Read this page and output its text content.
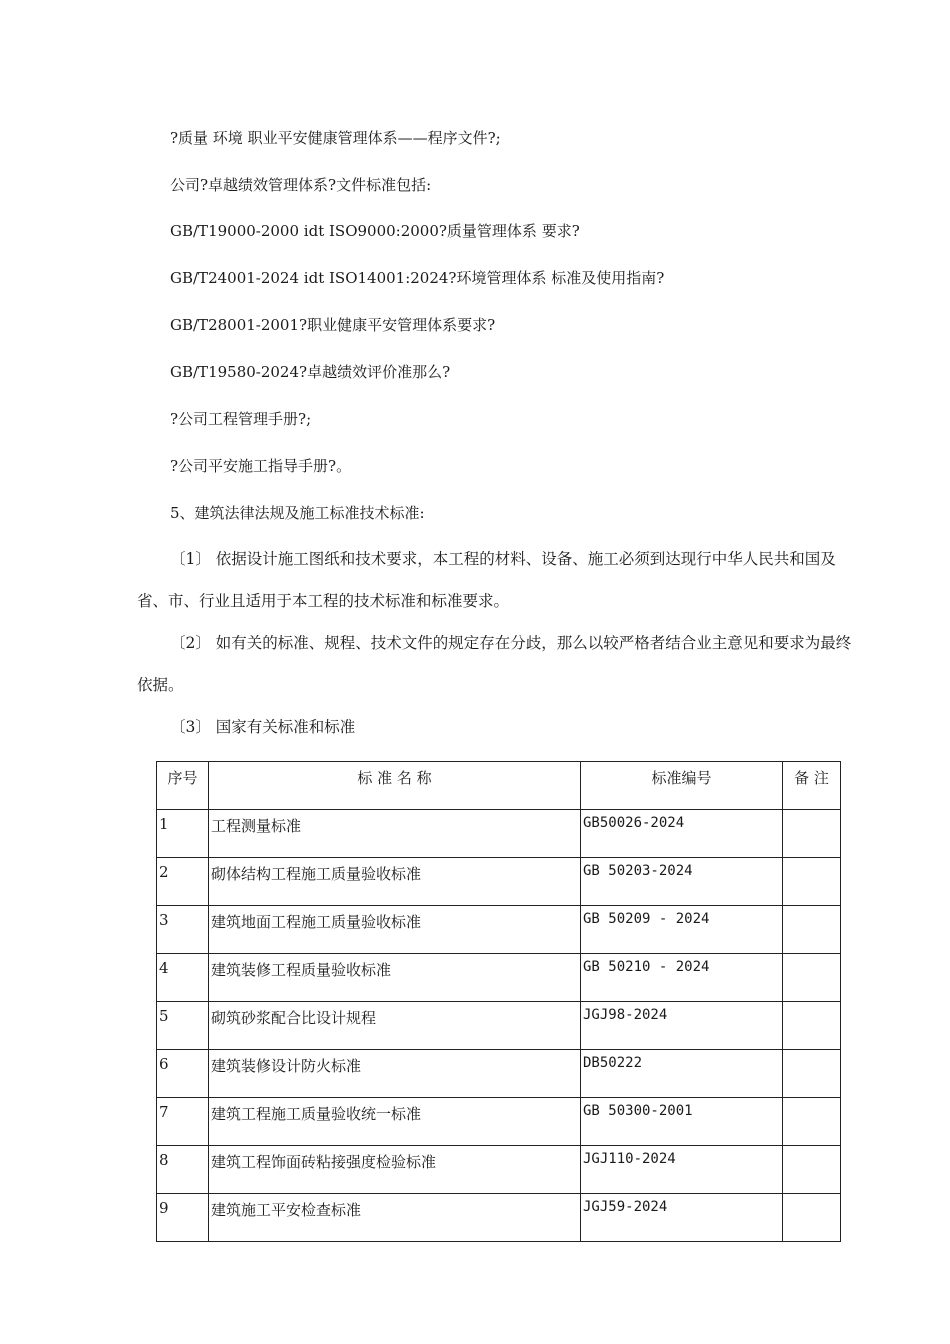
?质量 环境 职业平安健康管理体系——程序文件?;
公司?卓越绩效管理体系?文件标准包括:
GB/T19000-2000 idt ISO9000:2000?质量管理体系 要求?
GB/T24001-2024 idt ISO14001:2024?环境管理体系 标准及使用指南?
GB/T28001-2001?职业健康平安管理体系要求?
GB/T19580-2024?卓越绩效评价准那么?
?公司工程管理手册?;
?公司平安施工指导手册?。
5、建筑法律法规及施工标准技术标准:
〔1〕 依据设计施工图纸和技术要求，本工程的材料、设备、施工必须到达现行中华人民共和国及省、市、行业且适用于本工程的技术标准和标准要求。
〔2〕 如有关的标准、规程、技术文件的规定存在分歧，那么以较严格者结合业主意见和要求为最终依据。
〔3〕 国家有关标准和标准
序号	标 准 名 称	标准编号	备 注
1	工程测量标准	GB50026-2024	
2	砌体结构工程施工质量验收标准	GB 50203-2024	
3	建筑地面工程施工质量验收标准	GB 50209 - 2024	
4	建筑装修工程质量验收标准	GB 50210 - 2024	
5	砌筑砂浆配合比设计规程	JGJ98-2024	
6	建筑装修设计防火标准	DB50222	
7	建筑工程施工质量验收统一标准	GB 50300-2001	
8	建筑工程饰面砖粘接强度检验标准	JGJ110-2024	
9	建筑施工平安检查标准	JGJ59-2024	
